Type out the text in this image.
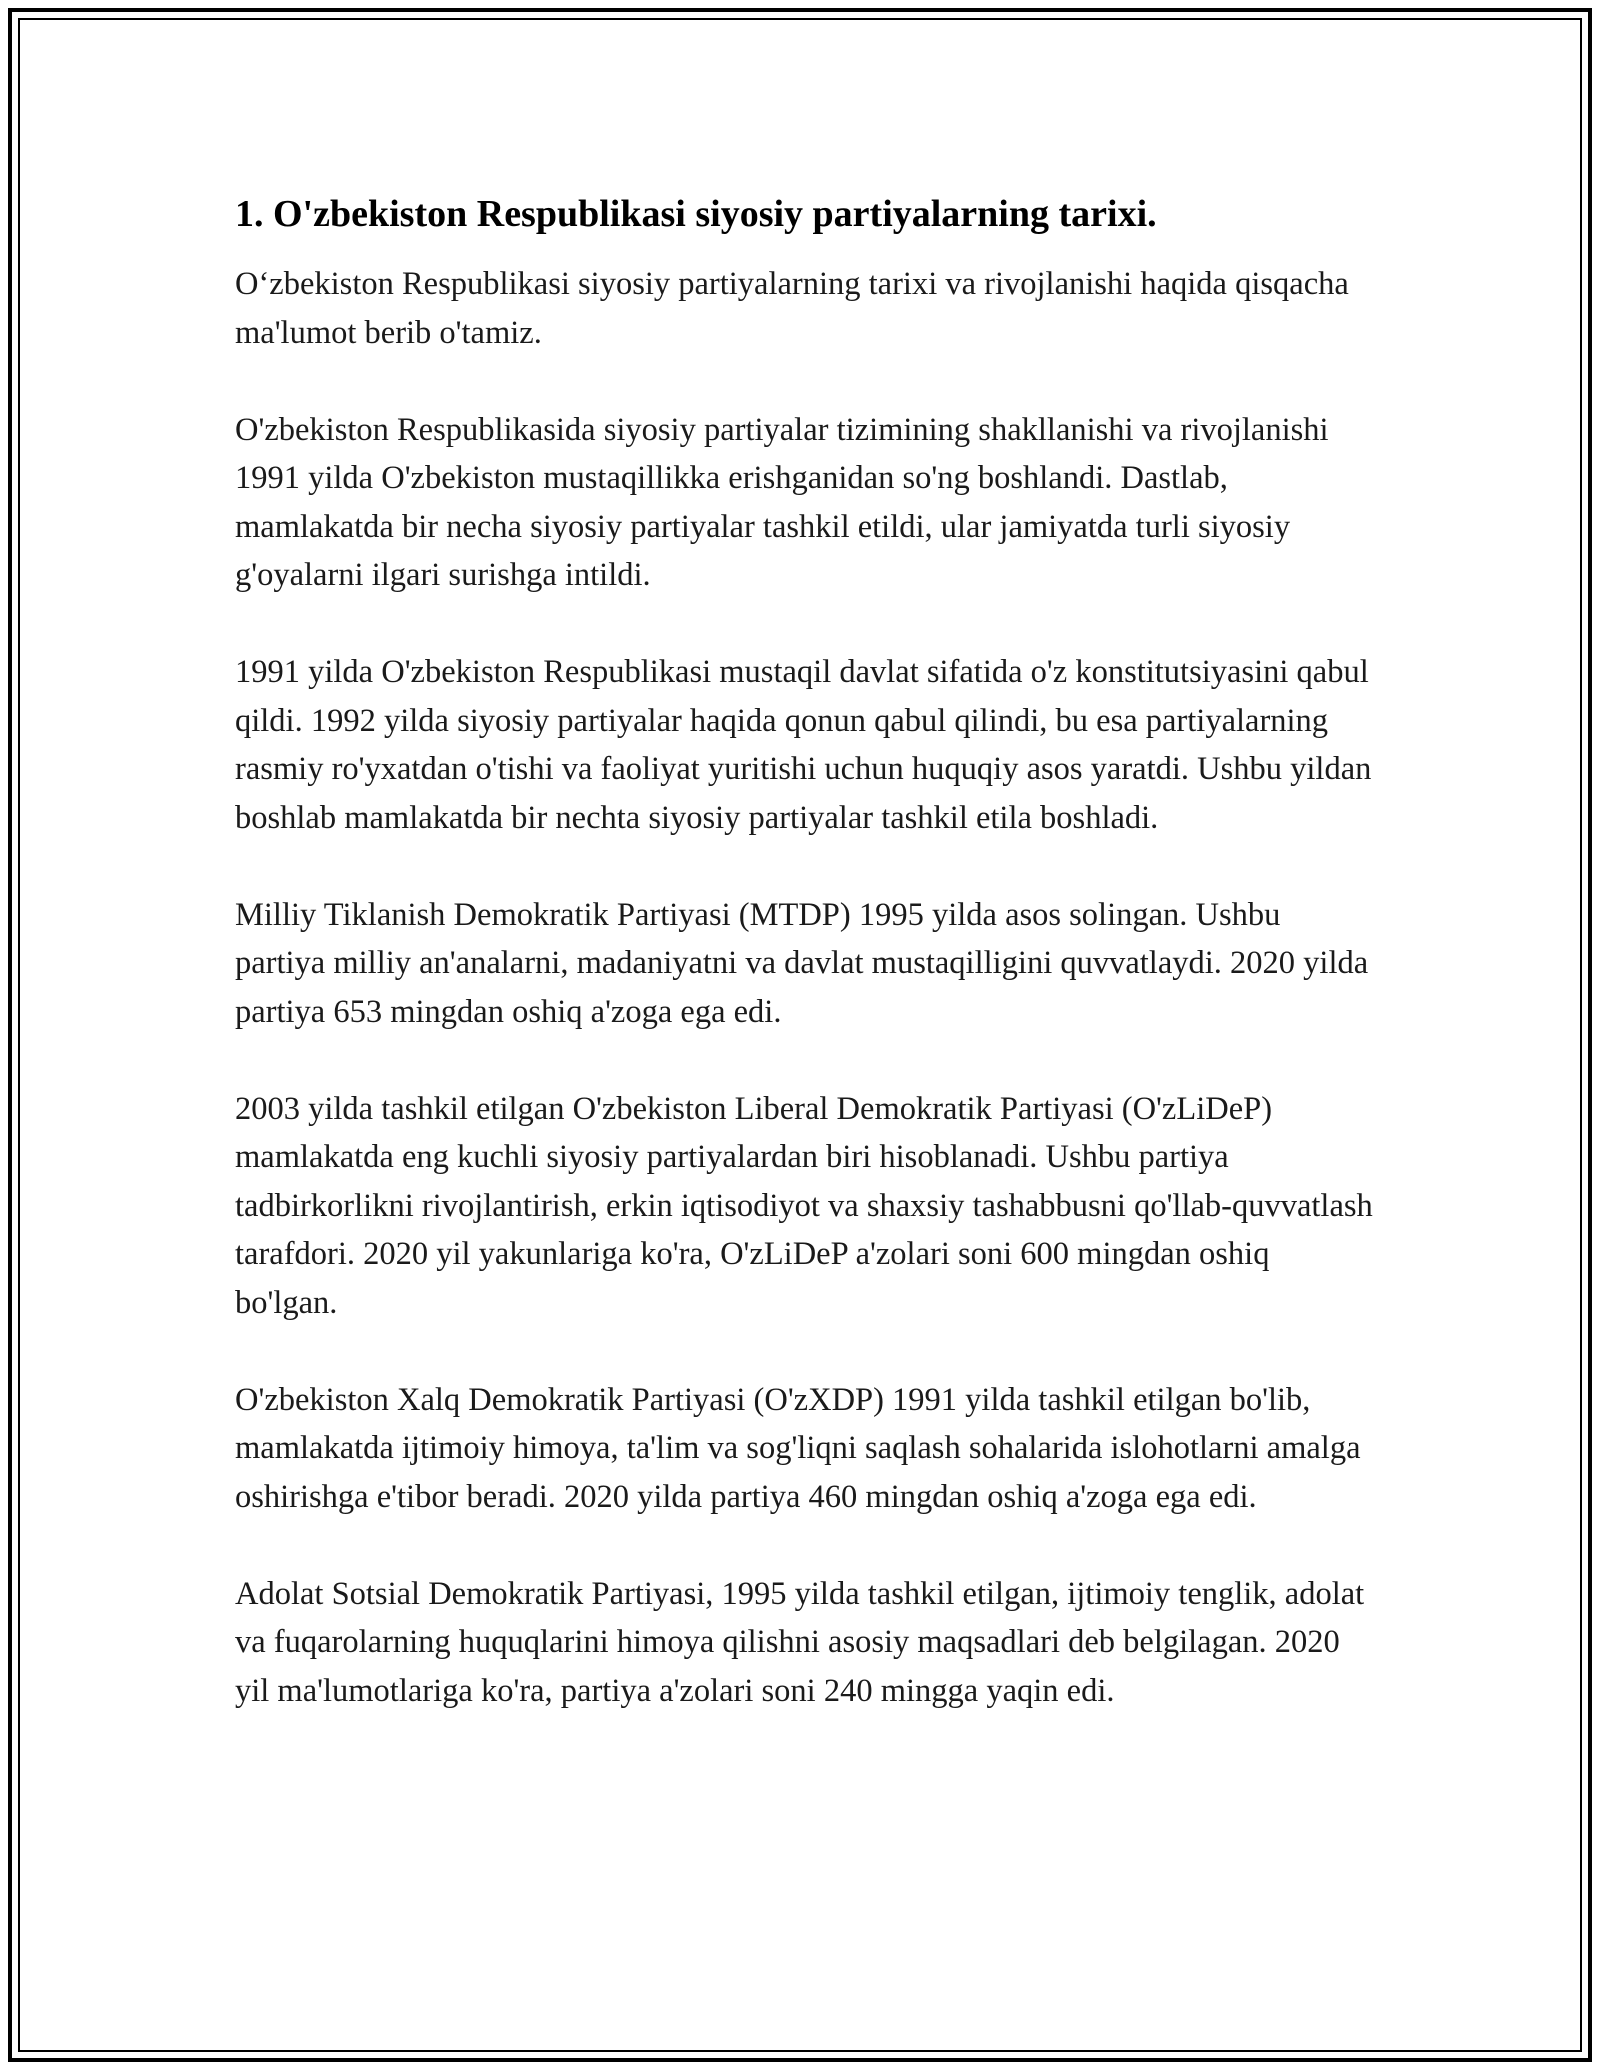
1. O'zbekiston Respublikasi siyosiy partiyalarning tarixi.

O‘zbekiston Respublikasi siyosiy partiyalarning tarixi va rivojlanishi haqida qisqacha ma'lumot berib o'tamiz.

O'zbekiston Respublikasida siyosiy partiyalar tizimining shakllanishi va rivojlanishi 1991 yilda O'zbekiston mustaqillikka erishganidan so'ng boshlandi. Dastlab, mamlakatda bir necha siyosiy partiyalar tashkil etildi, ular jamiyatda turli siyosiy g'oyalarni ilgari surishga intildi.

1991 yilda O'zbekiston Respublikasi mustaqil davlat sifatida o'z konstitutsiyasini qabul qildi. 1992 yilda siyosiy partiyalar haqida qonun qabul qilindi, bu esa partiyalarning rasmiy ro'yxatdan o'tishi va faoliyat yuritishi uchun huquqiy asos yaratdi. Ushbu yildan boshlab mamlakatda bir nechta siyosiy partiyalar tashkil etila boshladi.

Milliy Tiklanish Demokratik Partiyasi (MTDP) 1995 yilda asos solingan. Ushbu partiya milliy an'analarni, madaniyatni va davlat mustaqilligini quvvatlaydi. 2020 yilda partiya 653 mingdan oshiq a'zoga ega edi.

2003 yilda tashkil etilgan O'zbekiston Liberal Demokratik Partiyasi (O'zLiDeP) mamlakatda eng kuchli siyosiy partiyalardan biri hisoblanadi. Ushbu partiya tadbirkorlikni rivojlantirish, erkin iqtisodiyot va shaxsiy tashabbusni qo'llab-quvvatlash tarafdori. 2020 yil yakunlariga ko'ra, O'zLiDeP a'zolari soni 600 mingdan oshiq bo'lgan.

O'zbekiston Xalq Demokratik Partiyasi (O'zXDP) 1991 yilda tashkil etilgan bo'lib, mamlakatda ijtimoiy himoya, ta'lim va sog'liqni saqlash sohalarida islohotlarni amalga oshirishga e'tibor beradi. 2020 yilda partiya 460 mingdan oshiq a'zoga ega edi.

Adolat Sotsial Demokratik Partiyasi, 1995 yilda tashkil etilgan, ijtimoiy tenglik, adolat va fuqarolarning huquqlarini himoya qilishni asosiy maqsadlari deb belgilagan. 2020 yil ma'lumotlariga ko'ra, partiya a'zolari soni 240 mingga yaqin edi.
